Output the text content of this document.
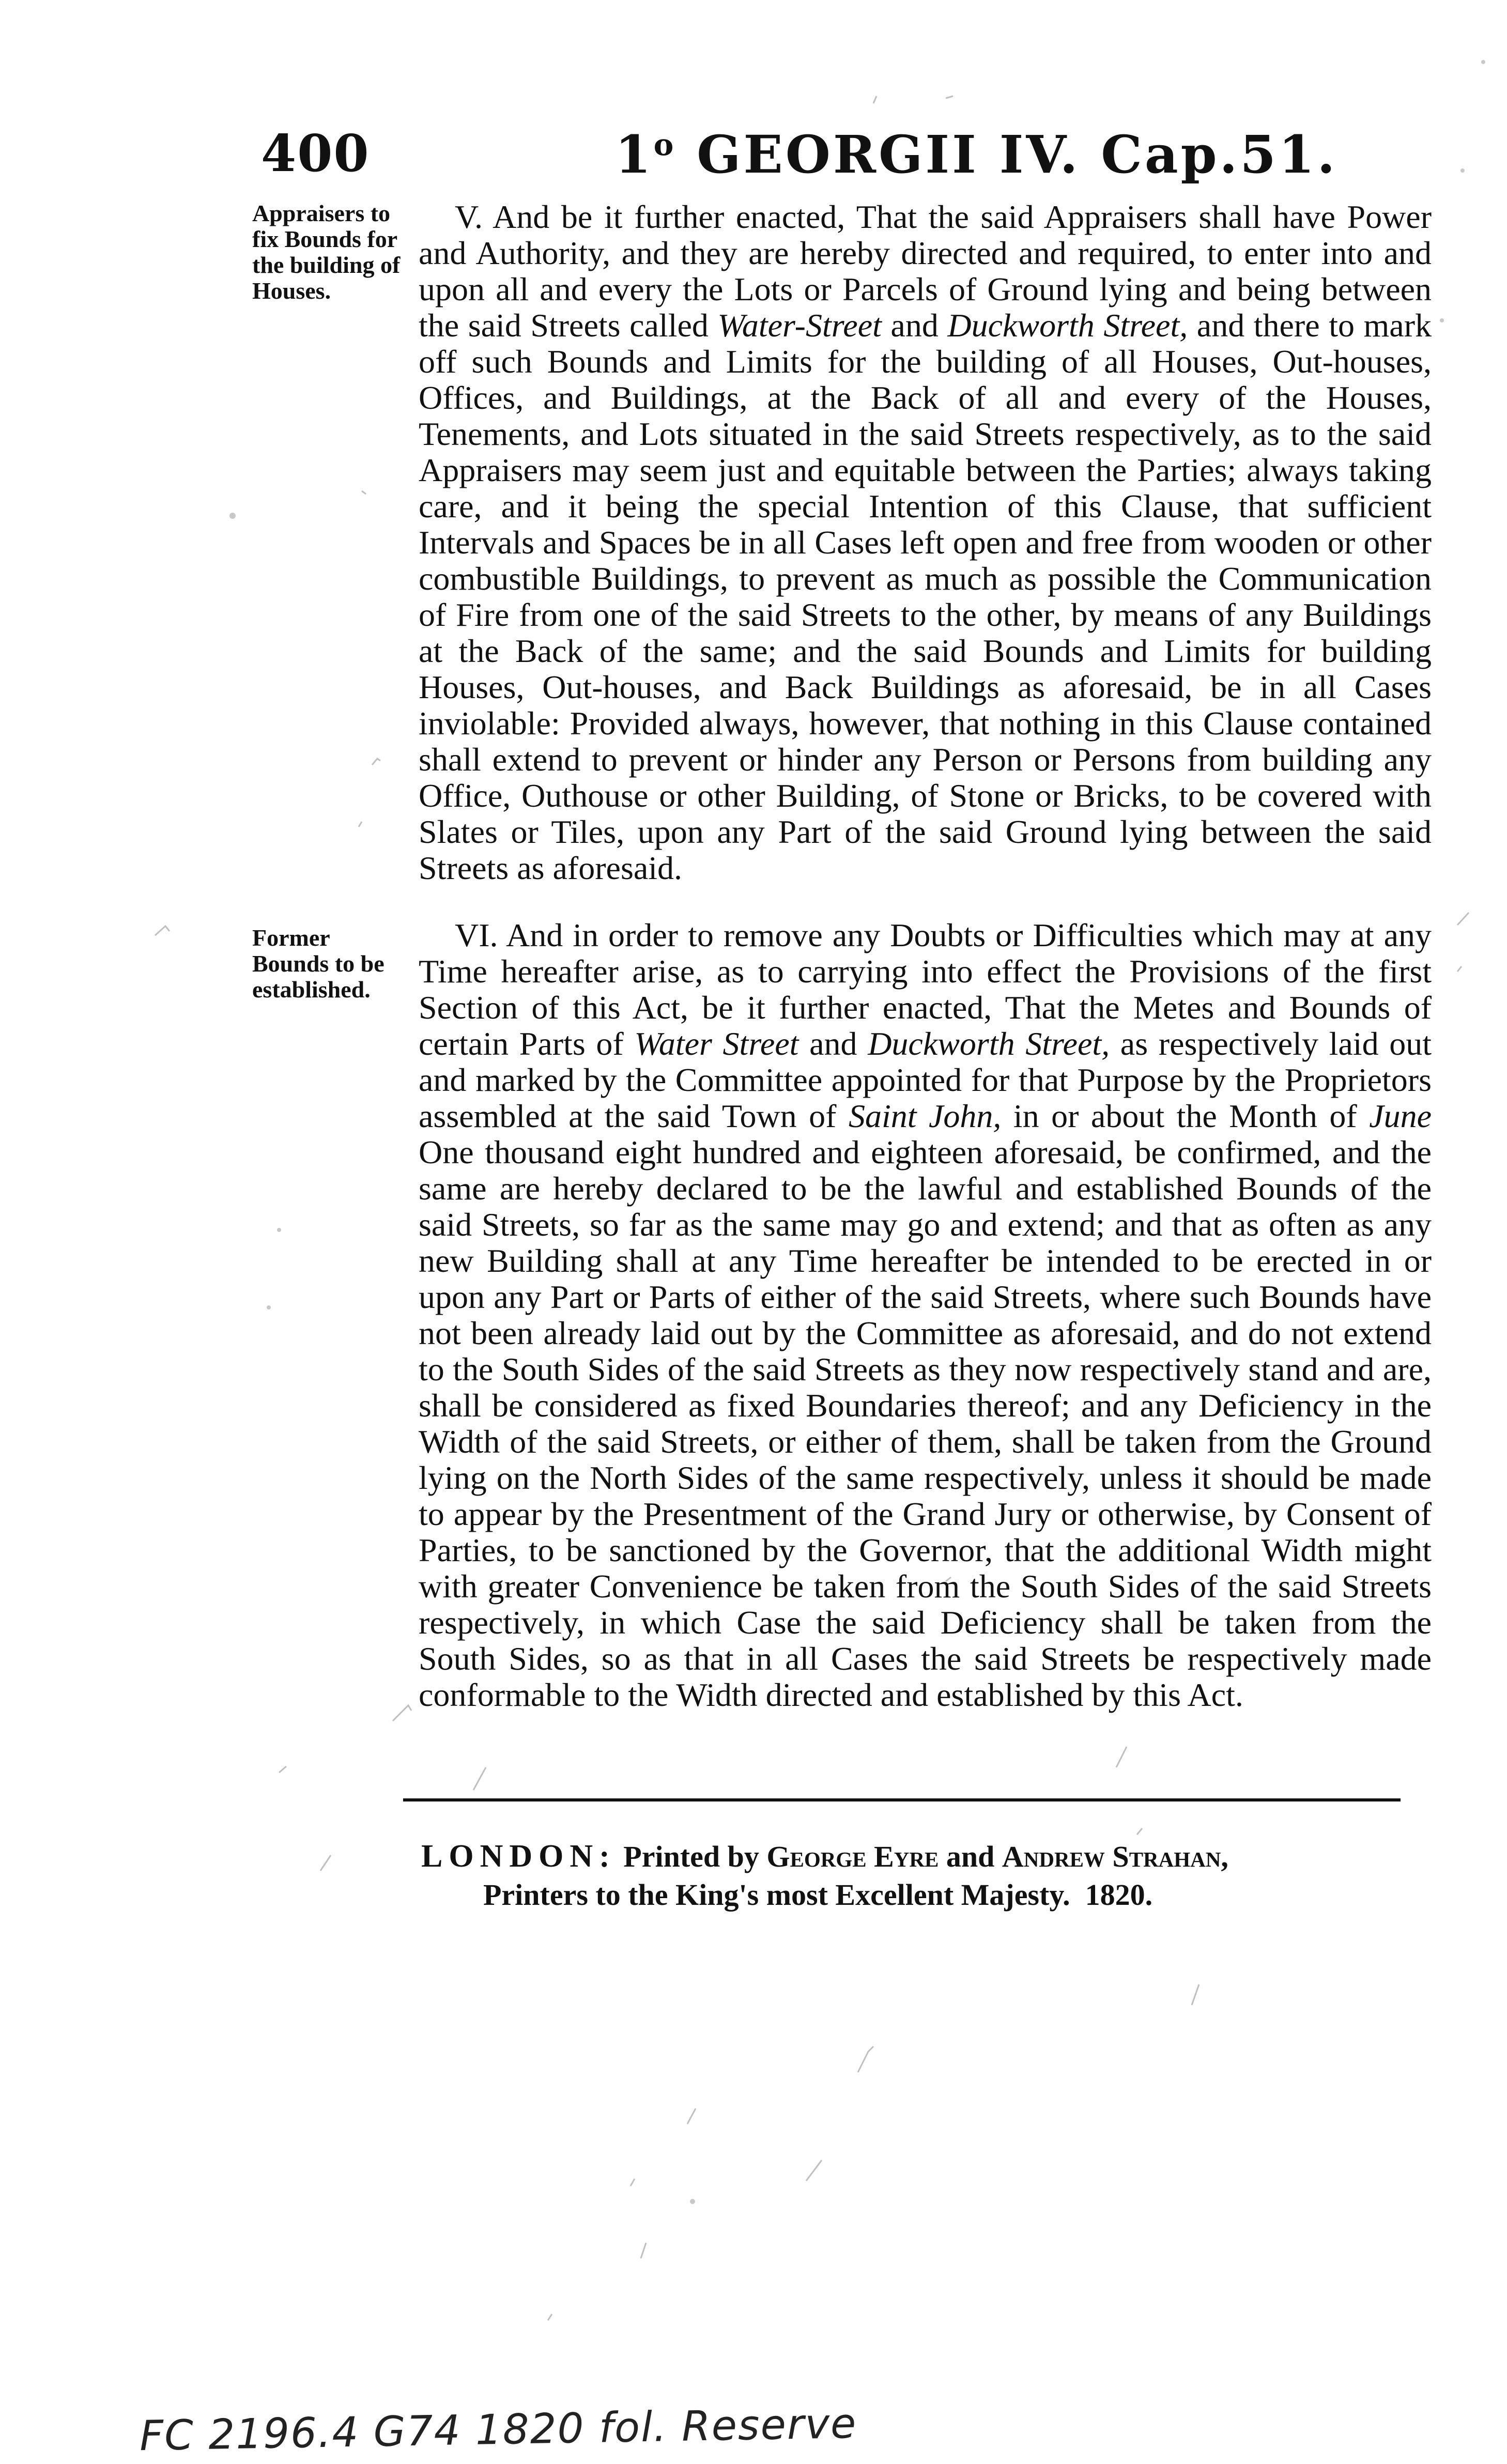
400	1$^o$ GEORGII IV. Cap.51.
Appraisers to fix Bounds for the building of Houses.

V. And be it further enacted, That the said Appraisers shall have Power and Authority, and they are hereby directed and required, to enter into and upon all and every the Lots or Parcels of Ground lying and being between the said Streets called Water-Street and Duckworth Street, and there to mark off such Bounds and Limits for the building of all Houses, Out-houses, Offices, and Buildings, at the Back of all and every of the Houses, Tenements, and Lots situated in the said Streets respectively, as to the said Appraisers may seem just and equitable between the Parties; always taking care, and it being the special Intention of this Clause, that sufficient Intervals and Spaces be in all Cases left open and free from wooden or other combustible Buildings, to prevent as much as possible the Communication of Fire from one of the said Streets to the other, by means of any Buildings at the Back of the same; and the said Bounds and Limits for building Houses, Out-houses, and Back Buildings as aforesaid, be in all Cases inviolable: Provided always, however, that nothing in this Clause contained shall extend to prevent or hinder any Person or Persons from building any Office, Outhouse or other Building, of Stone or Bricks, to be covered with Slates or Tiles, upon any Part of the said Ground lying between the said Streets as aforesaid.

Former Bounds to be established.

VI. And in order to remove any Doubts or Difficulties which may at any Time hereafter arise, as to carrying into effect the Provisions of the first Section of this Act, be it further enacted, That the Metes and Bounds of certain Parts of Water Street and Duckworth Street, as respectively laid out and marked by the Committee appointed for that Purpose by the Proprietors assembled at the said Town of Saint John, in or about the Month of June One thousand eight hundred and eighteen aforesaid, be confirmed, and the same are hereby declared to be the lawful and established Bounds of the said Streets, so far as the same may go and extend; and that as often as any new Building shall at any Time hereafter be intended to be erected in or upon any Part or Parts of either of the said Streets, where such Bounds have not been already laid out by the Committee as aforesaid, and do not extend to the South Sides of the said Streets as they now respectively stand and are, shall be considered as fixed Boundaries thereof; and any Deficiency in the Width of the said Streets, or either of them, shall be taken from the Ground lying on the North Sides of the same respectively, unless it should be made to appear by the Presentment of the Grand Jury or otherwise, by Consent of Parties, to be sanctioned by the Governor, that the additional Width might with greater Convenience be taken from the South Sides of the said Streets respectively, in which Case the said Deficiency shall be taken from the South Sides, so as that in all Cases the said Streets be respectively made conformable to the Width directed and established by this Act.

LONDON: Printed by George Eyre and Andrew Strahan,
Printers to the King's most Excellent Majesty. 1820.
FC 2196.4 G74 1820 fol. Reserve
